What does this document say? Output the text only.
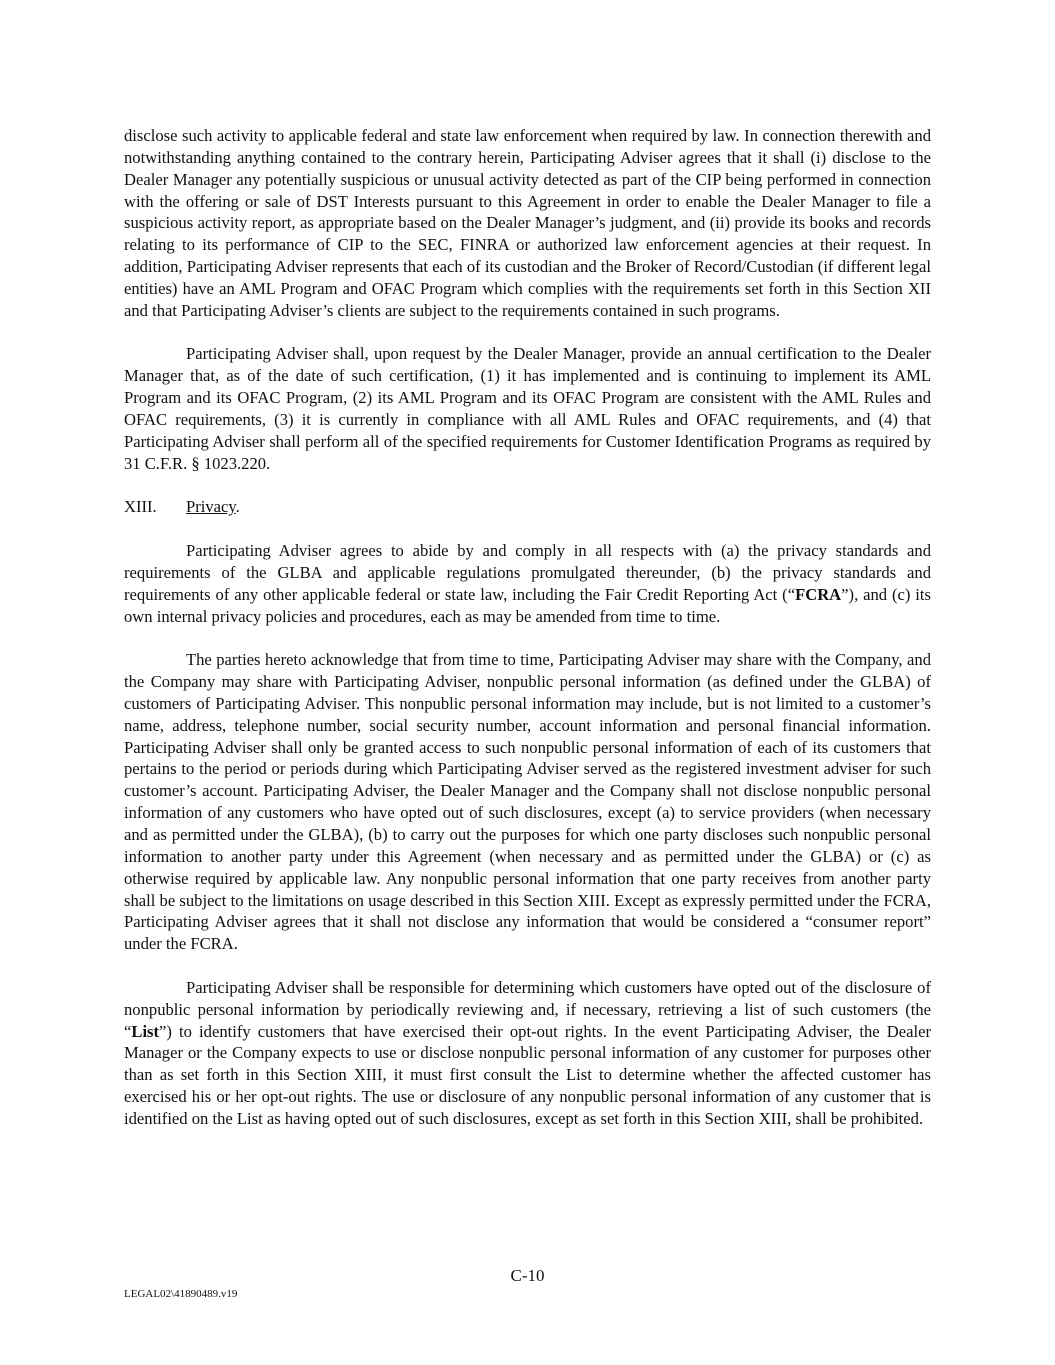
disclose such activity to applicable federal and state law enforcement when required by law. In connection therewith and notwithstanding anything contained to the contrary herein, Participating Adviser agrees that it shall (i) disclose to the Dealer Manager any potentially suspicious or unusual activity detected as part of the CIP being performed in connection with the offering or sale of DST Interests pursuant to this Agreement in order to enable the Dealer Manager to file a suspicious activity report, as appropriate based on the Dealer Manager’s judgment, and (ii) provide its books and records relating to its performance of CIP to the SEC, FINRA or authorized law enforcement agencies at their request. In addition, Participating Adviser represents that each of its custodian and the Broker of Record/Custodian (if different legal entities) have an AML Program and OFAC Program which complies with the requirements set forth in this Section XII and that Participating Adviser’s clients are subject to the requirements contained in such programs.

Participating Adviser shall, upon request by the Dealer Manager, provide an annual certification to the Dealer Manager that, as of the date of such certification, (1) it has implemented and is continuing to implement its AML Program and its OFAC Program, (2) its AML Program and its OFAC Program are consistent with the AML Rules and OFAC requirements, (3) it is currently in compliance with all AML Rules and OFAC requirements, and (4) that Participating Adviser shall perform all of the specified requirements for Customer Identification Programs as required by 31 C.F.R. § 1023.220.

XIII. Privacy.

Participating Adviser agrees to abide by and comply in all respects with (a) the privacy standards and requirements of the GLBA and applicable regulations promulgated thereunder, (b) the privacy standards and requirements of any other applicable federal or state law, including the Fair Credit Reporting Act (“FCRA”), and (c) its own internal privacy policies and procedures, each as may be amended from time to time.

The parties hereto acknowledge that from time to time, Participating Adviser may share with the Company, and the Company may share with Participating Adviser, nonpublic personal information (as defined under the GLBA) of customers of Participating Adviser. This nonpublic personal information may include, but is not limited to a customer’s name, address, telephone number, social security number, account information and personal financial information. Participating Adviser shall only be granted access to such nonpublic personal information of each of its customers that pertains to the period or periods during which Participating Adviser served as the registered investment adviser for such customer’s account. Participating Adviser, the Dealer Manager and the Company shall not disclose nonpublic personal information of any customers who have opted out of such disclosures, except (a) to service providers (when necessary and as permitted under the GLBA), (b) to carry out the purposes for which one party discloses such nonpublic personal information to another party under this Agreement (when necessary and as permitted under the GLBA) or (c) as otherwise required by applicable law. Any nonpublic personal information that one party receives from another party shall be subject to the limitations on usage described in this Section XIII. Except as expressly permitted under the FCRA, Participating Adviser agrees that it shall not disclose any information that would be considered a “consumer report” under the FCRA.

Participating Adviser shall be responsible for determining which customers have opted out of the disclosure of nonpublic personal information by periodically reviewing and, if necessary, retrieving a list of such customers (the “List”) to identify customers that have exercised their opt-out rights. In the event Participating Adviser, the Dealer Manager or the Company expects to use or disclose nonpublic personal information of any customer for purposes other than as set forth in this Section XIII, it must first consult the List to determine whether the affected customer has exercised his or her opt-out rights. The use or disclosure of any nonpublic personal information of any customer that is identified on the List as having opted out of such disclosures, except as set forth in this Section XIII, shall be prohibited.

C-10
LEGAL02\41890489.v19
